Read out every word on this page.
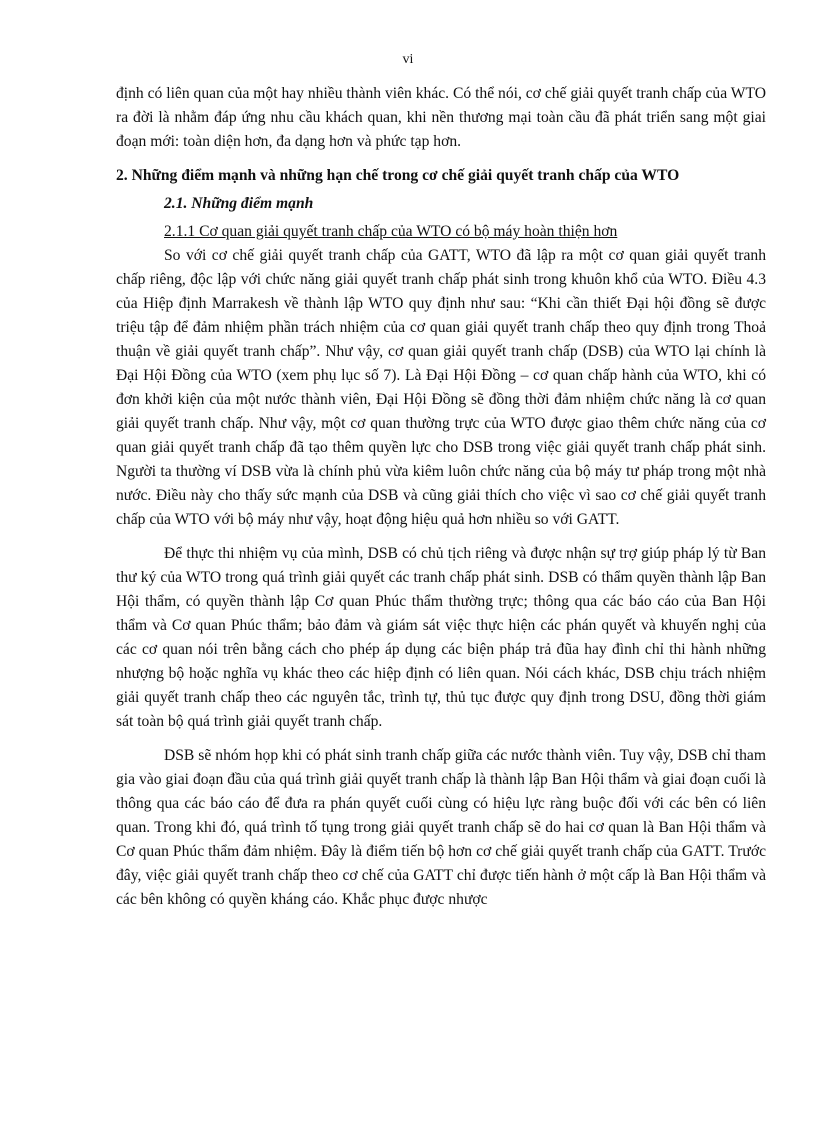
vi

định có liên quan của một hay nhiều thành viên khác. Có thể nói, cơ chế giải quyết tranh chấp của WTO ra đời là nhằm đáp ứng nhu cầu khách quan, khi nền thương mại toàn cầu đã phát triển sang một giai đoạn mới: toàn diện hơn, đa dạng hơn và phức tạp hơn.

2. Những điểm mạnh và những hạn chế trong cơ chế giải quyết tranh chấp của WTO

2.1. Những điểm mạnh

2.1.1 Cơ quan giải quyết tranh chấp của WTO có bộ máy hoàn thiện hơn

So với cơ chế giải quyết tranh chấp của GATT, WTO đã lập ra một cơ quan giải quyết tranh chấp riêng, độc lập với chức năng giải quyết tranh chấp phát sinh trong khuôn khổ của WTO. Điều 4.3 của Hiệp định Marrakesh về thành lập WTO quy định như sau: “Khi cần thiết Đại hội đồng sẽ được triệu tập để đảm nhiệm phần trách nhiệm của cơ quan giải quyết tranh chấp theo quy định trong Thoả thuận về giải quyết tranh chấp”. Như vậy, cơ quan giải quyết tranh chấp (DSB) của WTO lại chính là Đại Hội Đồng của WTO (xem phụ lục số 7). Là Đại Hội Đồng – cơ quan chấp hành của WTO, khi có đơn khởi kiện của một nước thành viên, Đại Hội Đồng sẽ đồng thời đảm nhiệm chức năng là cơ quan giải quyết tranh chấp. Như vậy, một cơ quan thường trực của WTO được giao thêm chức năng của cơ quan giải quyết tranh chấp đã tạo thêm quyền lực cho DSB trong việc giải quyết tranh chấp phát sinh. Người ta thường ví DSB vừa là chính phủ vừa kiêm luôn chức năng của bộ máy tư pháp trong một nhà nước. Điều này cho thấy sức mạnh của DSB và cũng giải thích cho việc vì sao cơ chế giải quyết tranh chấp của WTO với bộ máy như vậy, hoạt động hiệu quả hơn nhiều so với GATT.

Để thực thi nhiệm vụ của mình, DSB có chủ tịch riêng và được nhận sự trợ giúp pháp lý từ Ban thư ký của WTO trong quá trình giải quyết các tranh chấp phát sinh. DSB có thẩm quyền thành lập Ban Hội thẩm, có quyền thành lập Cơ quan Phúc thẩm thường trực; thông qua các báo cáo của Ban Hội thẩm và Cơ quan Phúc thẩm; bảo đảm và giám sát việc thực hiện các phán quyết và khuyến nghị của các cơ quan nói trên bằng cách cho phép áp dụng các biện pháp trả đũa hay đình chỉ thi hành những nhượng bộ hoặc nghĩa vụ khác theo các hiệp định có liên quan. Nói cách khác, DSB chịu trách nhiệm giải quyết tranh chấp theo các nguyên tắc, trình tự, thủ tục được quy định trong DSU, đồng thời giám sát toàn bộ quá trình giải quyết tranh chấp.

DSB sẽ nhóm họp khi có phát sinh tranh chấp giữa các nước thành viên. Tuy vậy, DSB chỉ tham gia vào giai đoạn đầu của quá trình giải quyết tranh chấp là thành lập Ban Hội thẩm và giai đoạn cuối là thông qua các báo cáo để đưa ra phán quyết cuối cùng có hiệu lực ràng buộc đối với các bên có liên quan. Trong khi đó, quá trình tố tụng trong giải quyết tranh chấp sẽ do hai cơ quan là Ban Hội thẩm và Cơ quan Phúc thẩm đảm nhiệm. Đây là điểm tiến bộ hơn cơ chế giải quyết tranh chấp của GATT. Trước đây, việc giải quyết tranh chấp theo cơ chế của GATT chỉ được tiến hành ở một cấp là Ban Hội thẩm và các bên không có quyền kháng cáo. Khắc phục được nhược
